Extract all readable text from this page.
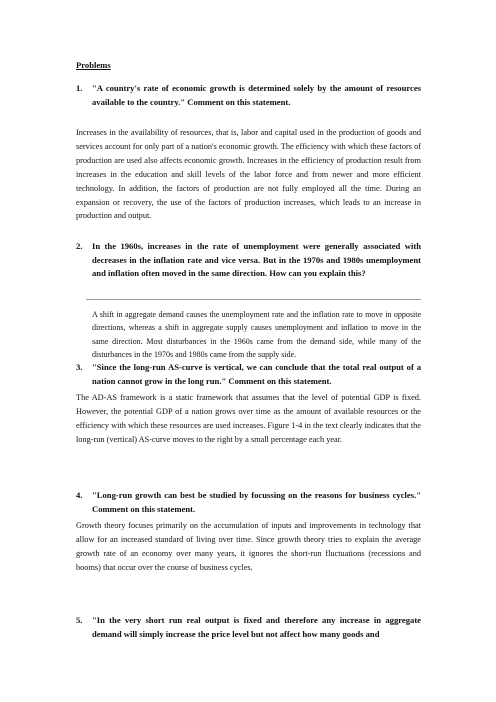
Problems

1.	"A country's rate of economic growth is determined solely by the amount of resources available to the country." Comment on this statement.

Increases in the availability of resources, that is, labor and capital used in the production of goods and services account for only part of a nation's economic growth. The efficiency with which these factors of production are used also affects economic growth. Increases in the efficiency of production result from increases in the education and skill levels of the labor force and from newer and more efficient technology. In addition, the factors of production are not fully employed all the time. During an expansion or recovery, the use of the factors of production increases, which leads to an increase in production and output.

2.	In the 1960s, increases in the rate of unemployment were generally associated with decreases in the inflation rate and vice versa. But in the 1970s and 1980s unemployment and inflation often moved in the same direction. How can you explain this?

A shift in aggregate demand causes the unemployment rate and the inflation rate to move in opposite directions, whereas a shift in aggregate supply causes unemployment and inflation to move in the same direction. Most disturbances in the 1960s came from the demand side, while many of the disturbances in the 1970s and 1980s came from the supply side.

3.	"Since the long-run AS-curve is vertical, we can conclude that the total real output of a nation cannot grow in the long run." Comment on this statement.

The AD-AS framework is a static framework that assumes that the level of potential GDP is fixed. However, the potential GDP of a nation grows over time as the amount of available resources or the efficiency with which these resources are used increases. Figure 1-4 in the text clearly indicates that the long-run (vertical) AS-curve moves to the right by a small percentage each year.

4.	"Long-run growth can best be studied by focussing on the reasons for business cycles." Comment on this statement.

Growth theory focuses primarily on the accumulation of inputs and improvements in technology that allow for an increased standard of living over time. Since growth theory tries to explain the average growth rate of an economy over many years, it ignores the short-run fluctuations (recessions and booms) that occur over the course of business cycles.

5.	"In the very short run real output is fixed and therefore any increase in aggregate demand will simply increase the price level but not affect how many goods and
